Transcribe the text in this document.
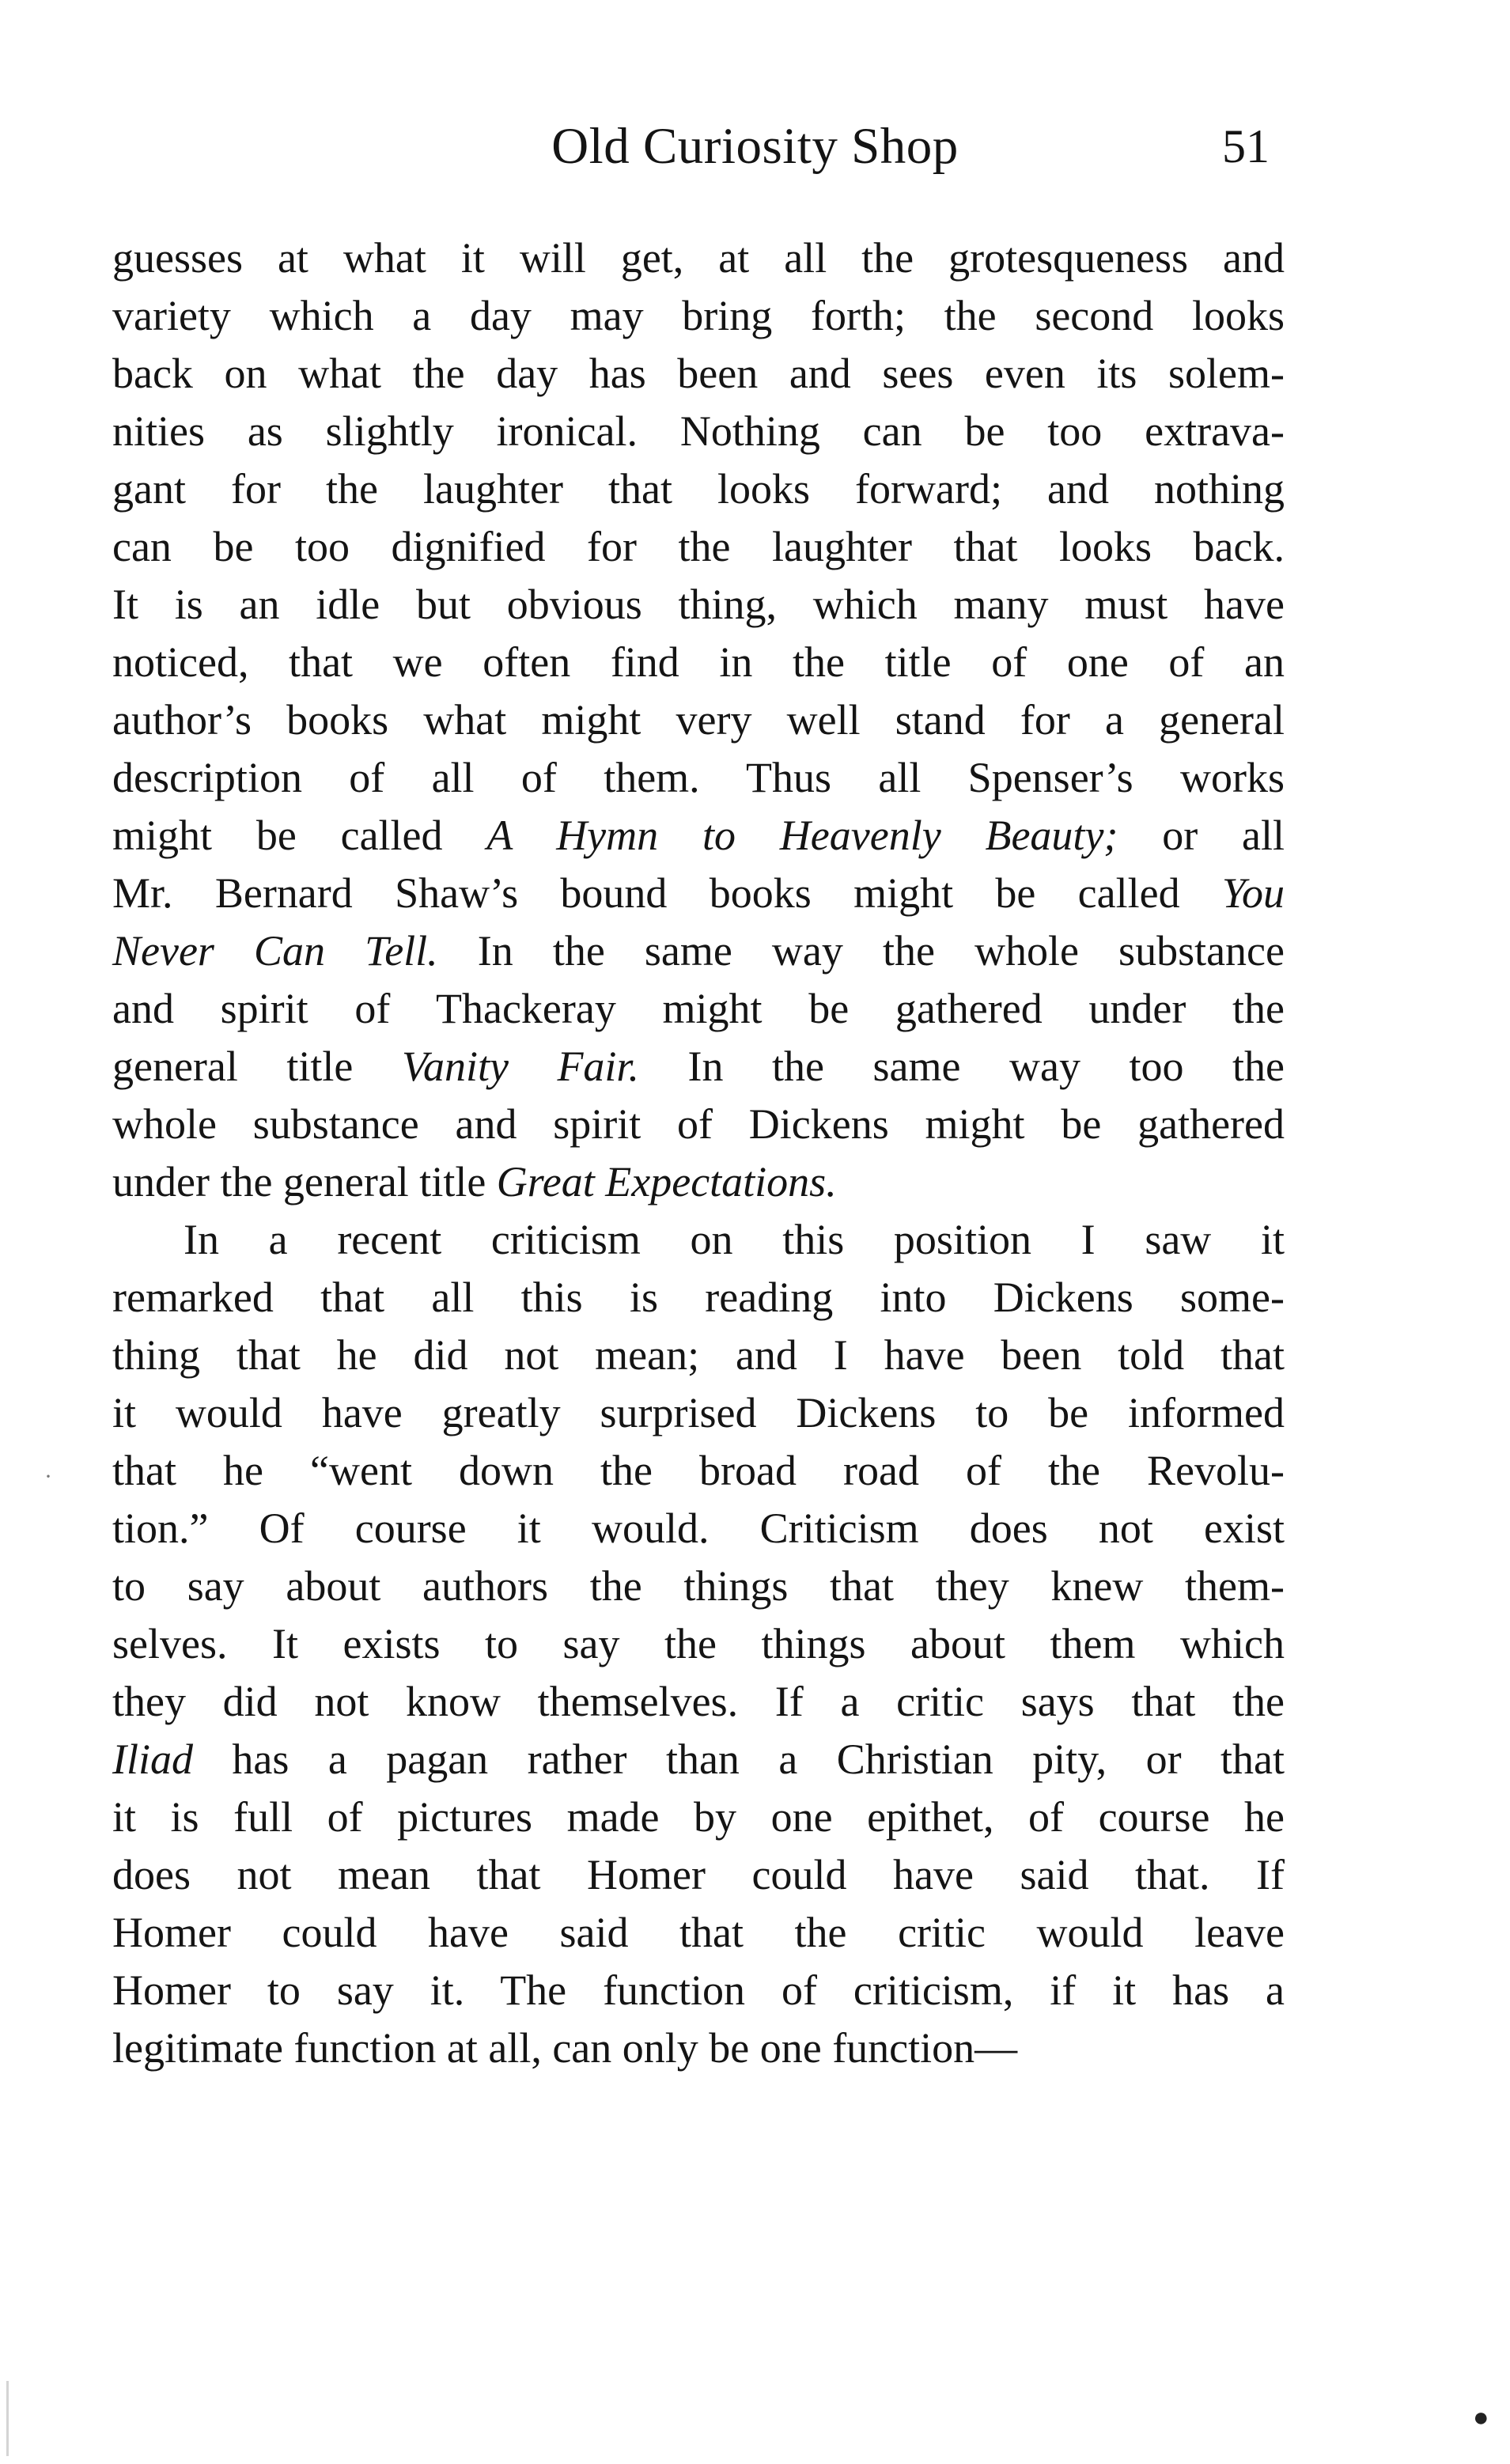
Old Curiosity Shop	51
guesses at what it will get, at all the grotesqueness and
variety which a day may bring forth; the second looks
back on what the day has been and sees even its solem-
nities as slightly ironical. Nothing can be too extrava-
gant for the laughter that looks forward; and nothing
can be too dignified for the laughter that looks back.
It is an idle but obvious thing, which many must have
noticed, that we often find in the title of one of an
author’s books what might very well stand for a general
description of all of them. Thus all Spenser’s works
might be called A Hymn to Heavenly Beauty; or all
Mr. Bernard Shaw’s bound books might be called You
Never Can Tell. In the same way the whole substance
and spirit of Thackeray might be gathered under the
general title Vanity Fair. In the same way too the
whole substance and spirit of Dickens might be gathered
under the general title Great Expectations.
In a recent criticism on this position I saw it
remarked that all this is reading into Dickens some-
thing that he did not mean; and I have been told that
it would have greatly surprised Dickens to be informed
that he “went down the broad road of the Revolu-
tion.” Of course it would. Criticism does not exist
to say about authors the things that they knew them-
selves. It exists to say the things about them which
they did not know themselves. If a critic says that the
Iliad has a pagan rather than a Christian pity, or that
it is full of pictures made by one epithet, of course he
does not mean that Homer could have said that. If
Homer could have said that the critic would leave
Homer to say it. The function of criticism, if it has a
legitimate function at all, can only be one function—
·
●
